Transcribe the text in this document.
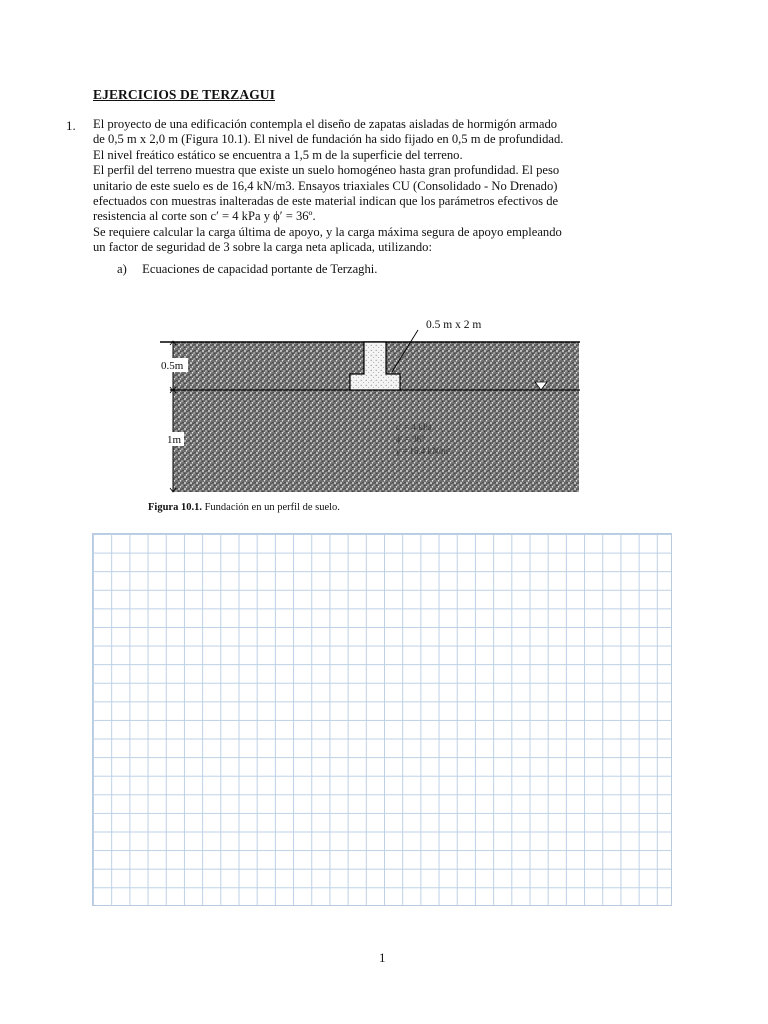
EJERCICIOS DE TERZAGUI
1. El proyecto de una edificación contempla el diseño de zapatas aisladas de hormigón armado

de 0,5 m x 2,0 m (Figura 10.1). El nivel de fundación ha sido fijado en 0,5 m de profundidad.

El nivel freático estático se encuentra a 1,5 m de la superficie del terreno.

El perfil del terreno muestra que existe un suelo homogéneo hasta gran profundidad. El peso

unitario de este suelo es de 16,4 kN/m3. Ensayos triaxiales CU (Consolidado - No Drenado)

efectuados con muestras inalteradas de este material indican que los parámetros efectivos de

resistencia al corte son c′ = 4 kPa y ϕ′ = 36º.

Se requiere calcular la carga última de apoyo, y la carga máxima segura de apoyo empleando

un factor de seguridad de 3 sobre la carga neta aplicada, utilizando:

a) Ecuaciones de capacidad portante de Terzaghi.
0.5 m x 2 m
0.5m
1m
c′ = 4 kPa
ϕ′ = 36°
γ = 16.4 kN/m³
Figura 10.1. Fundación en un perfil de suelo.
1
